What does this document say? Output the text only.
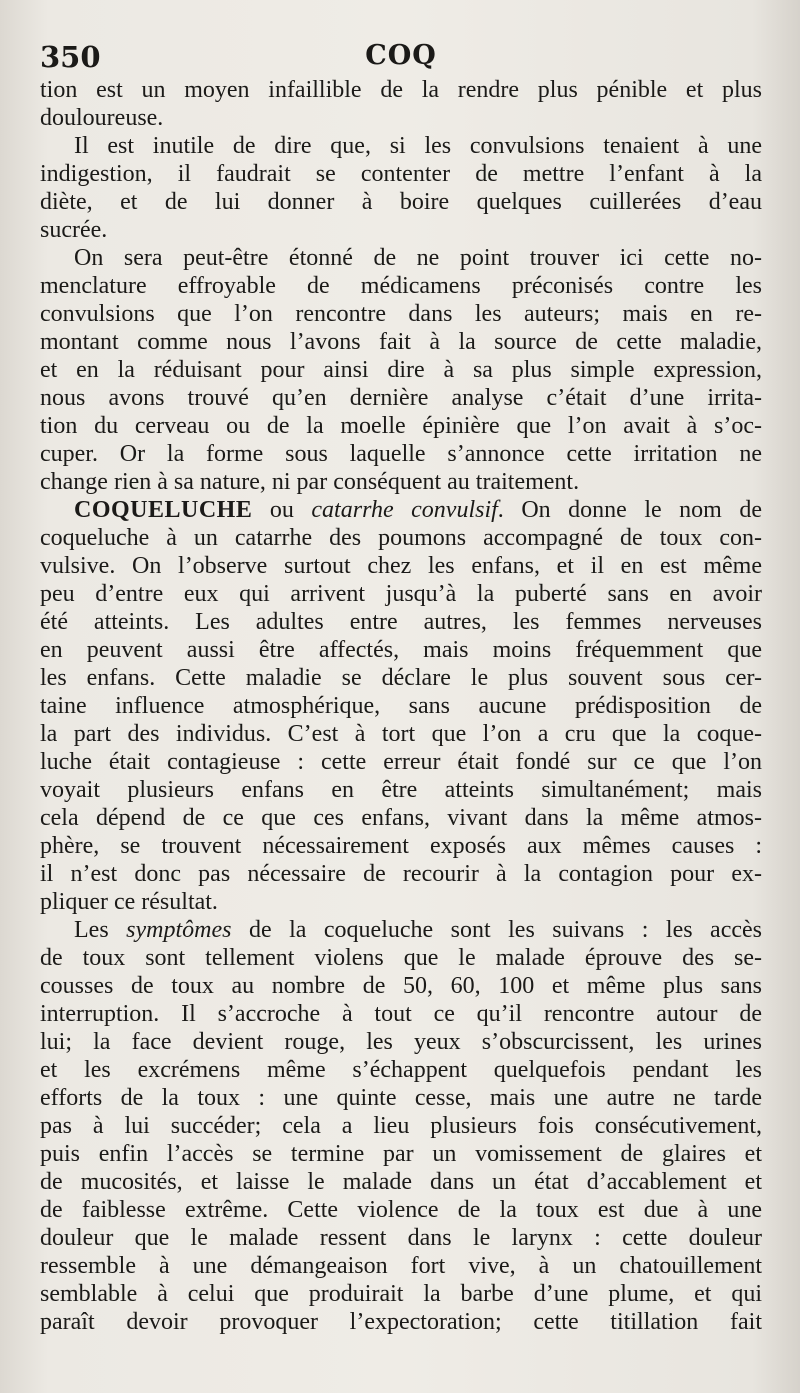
350	COQ
tion est un moyen infaillible de la rendre plus pénible et plus
douloureuse.
Il est inutile de dire que, si les convulsions tenaient à une
indigestion, il faudrait se contenter de mettre l’enfant à la
diète, et de lui donner à boire quelques cuillerées d’eau
sucrée.
On sera peut-être étonné de ne point trouver ici cette no-
menclature effroyable de médicamens préconisés contre les
convulsions que l’on rencontre dans les auteurs; mais en re-
montant comme nous l’avons fait à la source de cette maladie,
et en la réduisant pour ainsi dire à sa plus simple expression,
nous avons trouvé qu’en dernière analyse c’était d’une irrita-
tion du cerveau ou de la moelle épinière que l’on avait à s’oc-
cuper. Or la forme sous laquelle s’annonce cette irritation ne
change rien à sa nature, ni par conséquent au traitement.
COQUELUCHE ou catarrhe convulsif. On donne le nom de
coqueluche à un catarrhe des poumons accompagné de toux con-
vulsive. On l’observe surtout chez les enfans, et il en est même
peu d’entre eux qui arrivent jusqu’à la puberté sans en avoir
été atteints. Les adultes entre autres, les femmes nerveuses
en peuvent aussi être affectés, mais moins fréquemment que
les enfans. Cette maladie se déclare le plus souvent sous cer-
taine influence atmosphérique, sans aucune prédisposition de
la part des individus. C’est à tort que l’on a cru que la coque-
luche était contagieuse : cette erreur était fondé sur ce que l’on
voyait plusieurs enfans en être atteints simultanément; mais
cela dépend de ce que ces enfans, vivant dans la même atmos-
phère, se trouvent nécessairement exposés aux mêmes causes :
il n’est donc pas nécessaire de recourir à la contagion pour ex-
pliquer ce résultat.
Les symptômes de la coqueluche sont les suivans : les accès
de toux sont tellement violens que le malade éprouve des se-
cousses de toux au nombre de 50, 60, 100 et même plus sans
interruption. Il s’accroche à tout ce qu’il rencontre autour de
lui; la face devient rouge, les yeux s’obscurcissent, les urines
et les excrémens même s’échappent quelquefois pendant les
efforts de la toux : une quinte cesse, mais une autre ne tarde
pas à lui succéder; cela a lieu plusieurs fois consécutivement,
puis enfin l’accès se termine par un vomissement de glaires et
de mucosités, et laisse le malade dans un état d’accablement et
de faiblesse extrême. Cette violence de la toux est due à une
douleur que le malade ressent dans le larynx : cette douleur
ressemble à une démangeaison fort vive, à un chatouillement
semblable à celui que produirait la barbe d’une plume, et qui
paraît devoir provoquer l’expectoration; cette titillation fait
